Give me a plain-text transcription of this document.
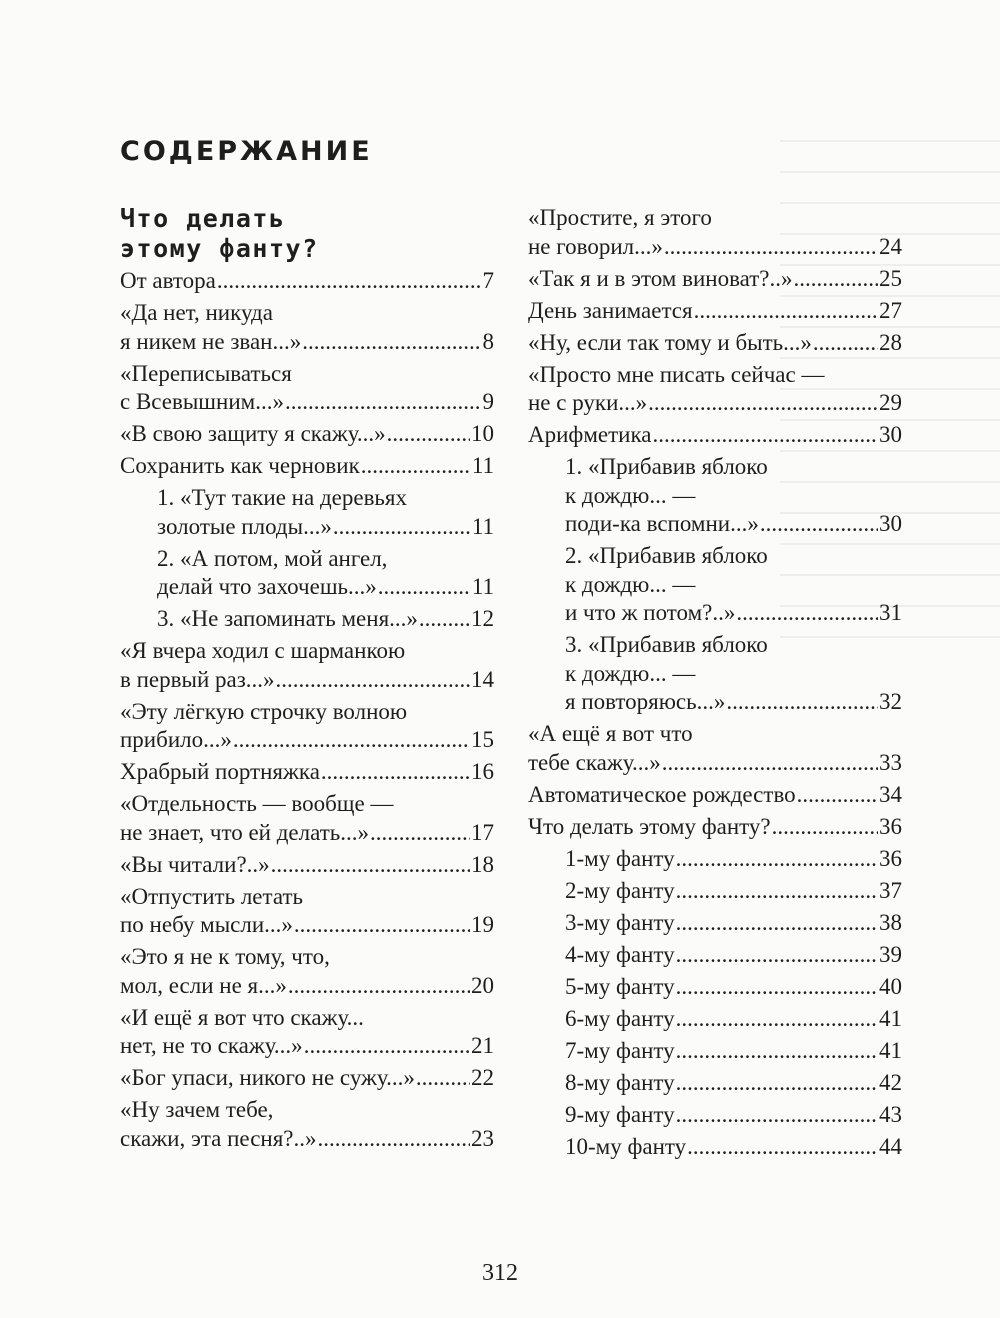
СОДЕРЖАНИЕ
Что делать
этому фанту?
От автора .....	7
«Да нет, никуда
я никем не зван...» .....	8
«Переписываться
с Всевышним...» .....	9
«В свою защиту я скажу...» .....	10
Сохранить как черновик .....	11
1. «Тут такие на деревьях
золотые плоды...» .....	11
2. «А потом, мой ангел,
делай что захочешь...» .....	11
3. «Не запоминать меня...» ..... 12
«Я вчера ходил с шарманкою
в первый раз...» .....	14
«Эту лёгкую строчку волною
прибило...» .....	15
Храбрый портняжка .....	16
«Отдельность — вообще —
не знает, что ей делать...» .....	17
«Вы читали?..» .....	18
«Отпустить летать
по небу мысли...» .....	19
«Это я не к тому, что,
мол, если не я...» .....	20
«И ещё я вот что скажу...
нет, не то скажу...» .....	21
«Бог упаси, никого не сужу...» ..... 22
«Ну зачем тебе,
скажи, эта песня?..» .....	23
«Простите, я этого
не говорил...» .....	24
«Так я и в этом виноват?..» .....	25
День занимается .....	27
«Ну, если так тому и быть...» .....	28
«Просто мне писать сейчас —
не с руки...» .....	29
Арифметика .....	30
1. «Прибавив яблоко
к дождю... —
поди-ка вспомни...» .....	30
2. «Прибавив яблоко
к дождю... —
и что ж потом?..» .....	31
3. «Прибавив яблоко
к дождю... —
я повторяюсь...» .....	32
«А ещё я вот что
тебе скажу...» .....	33
Автоматическое рождество .....	34
Что делать этому фанту? .....	36
1-му фанту .....	36
2-му фанту .....	37
3-му фанту .....	38
4-му фанту .....	39
5-му фанту .....	40
6-му фанту .....	41
7-му фанту .....	41
8-му фанту .....	42
9-му фанту .....	43
10-му фанту .....	44
312
